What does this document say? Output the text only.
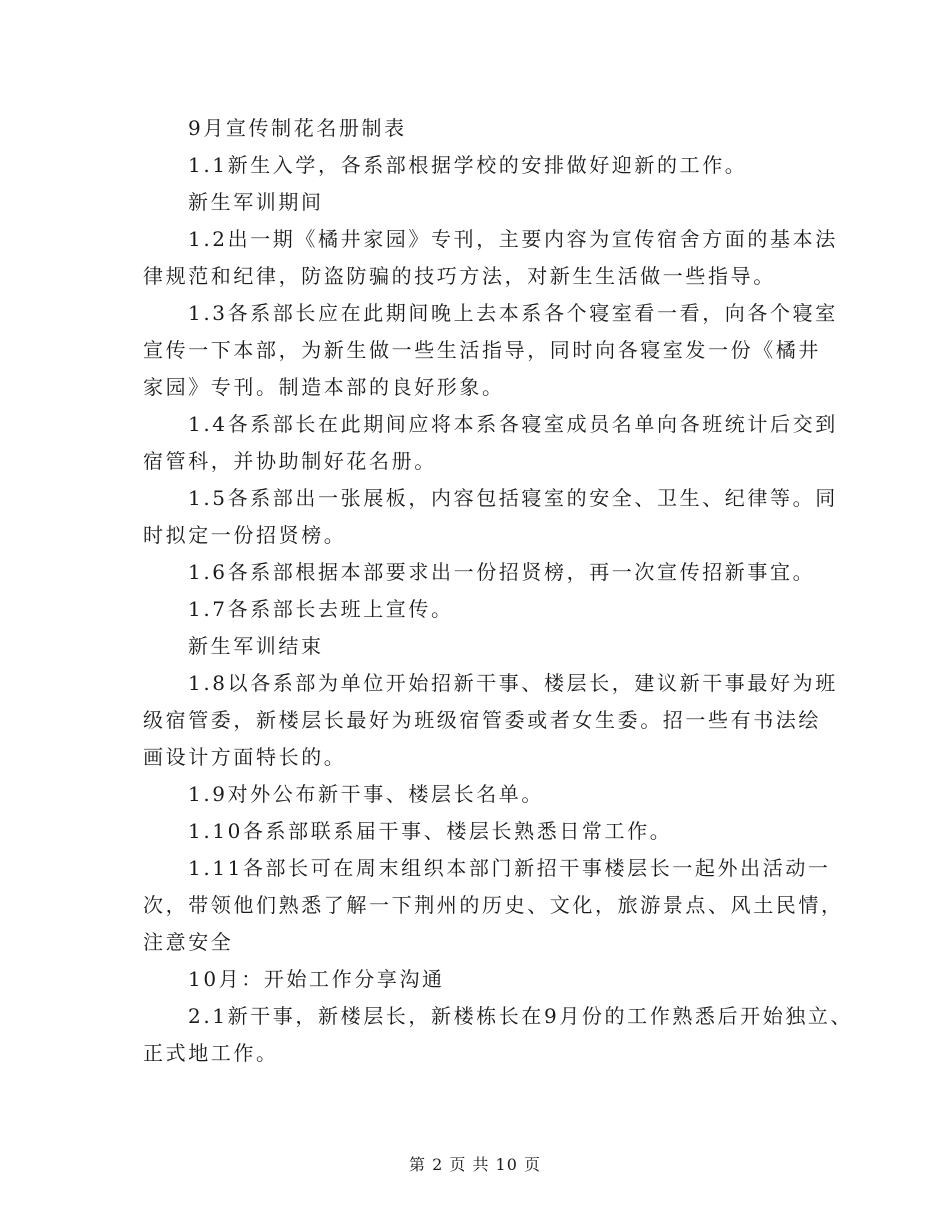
9月宣传制花名册制表
1.1新生入学，各系部根据学校的安排做好迎新的工作。
新生军训期间
1.2出一期《橘井家园》专刊，主要内容为宣传宿舍方面的基本法
律规范和纪律，防盗防骗的技巧方法，对新生生活做一些指导。
1.3各系部长应在此期间晚上去本系各个寝室看一看，向各个寝室
宣传一下本部，为新生做一些生活指导，同时向各寝室发一份《橘井
家园》专刊。制造本部的良好形象。
1.4各系部长在此期间应将本系各寝室成员名单向各班统计后交到
宿管科，并协助制好花名册。
1.5各系部出一张展板，内容包括寝室的安全、卫生、纪律等。同
时拟定一份招贤榜。
1.6各系部根据本部要求出一份招贤榜，再一次宣传招新事宜。
1.7各系部长去班上宣传。
新生军训结束
1.8以各系部为单位开始招新干事、楼层长，建议新干事最好为班
级宿管委，新楼层长最好为班级宿管委或者女生委。招一些有书法绘
画设计方面特长的。
1.9对外公布新干事、楼层长名单。
1.10各系部联系届干事、楼层长熟悉日常工作。
1.11各部长可在周末组织本部门新招干事楼层长一起外出活动一
次，带领他们熟悉了解一下荆州的历史、文化，旅游景点、风土民情，
注意安全
10月：开始工作分享沟通
2.1新干事，新楼层长，新楼栋长在9月份的工作熟悉后开始独立、
正式地工作。
第 2 页 共 10 页
